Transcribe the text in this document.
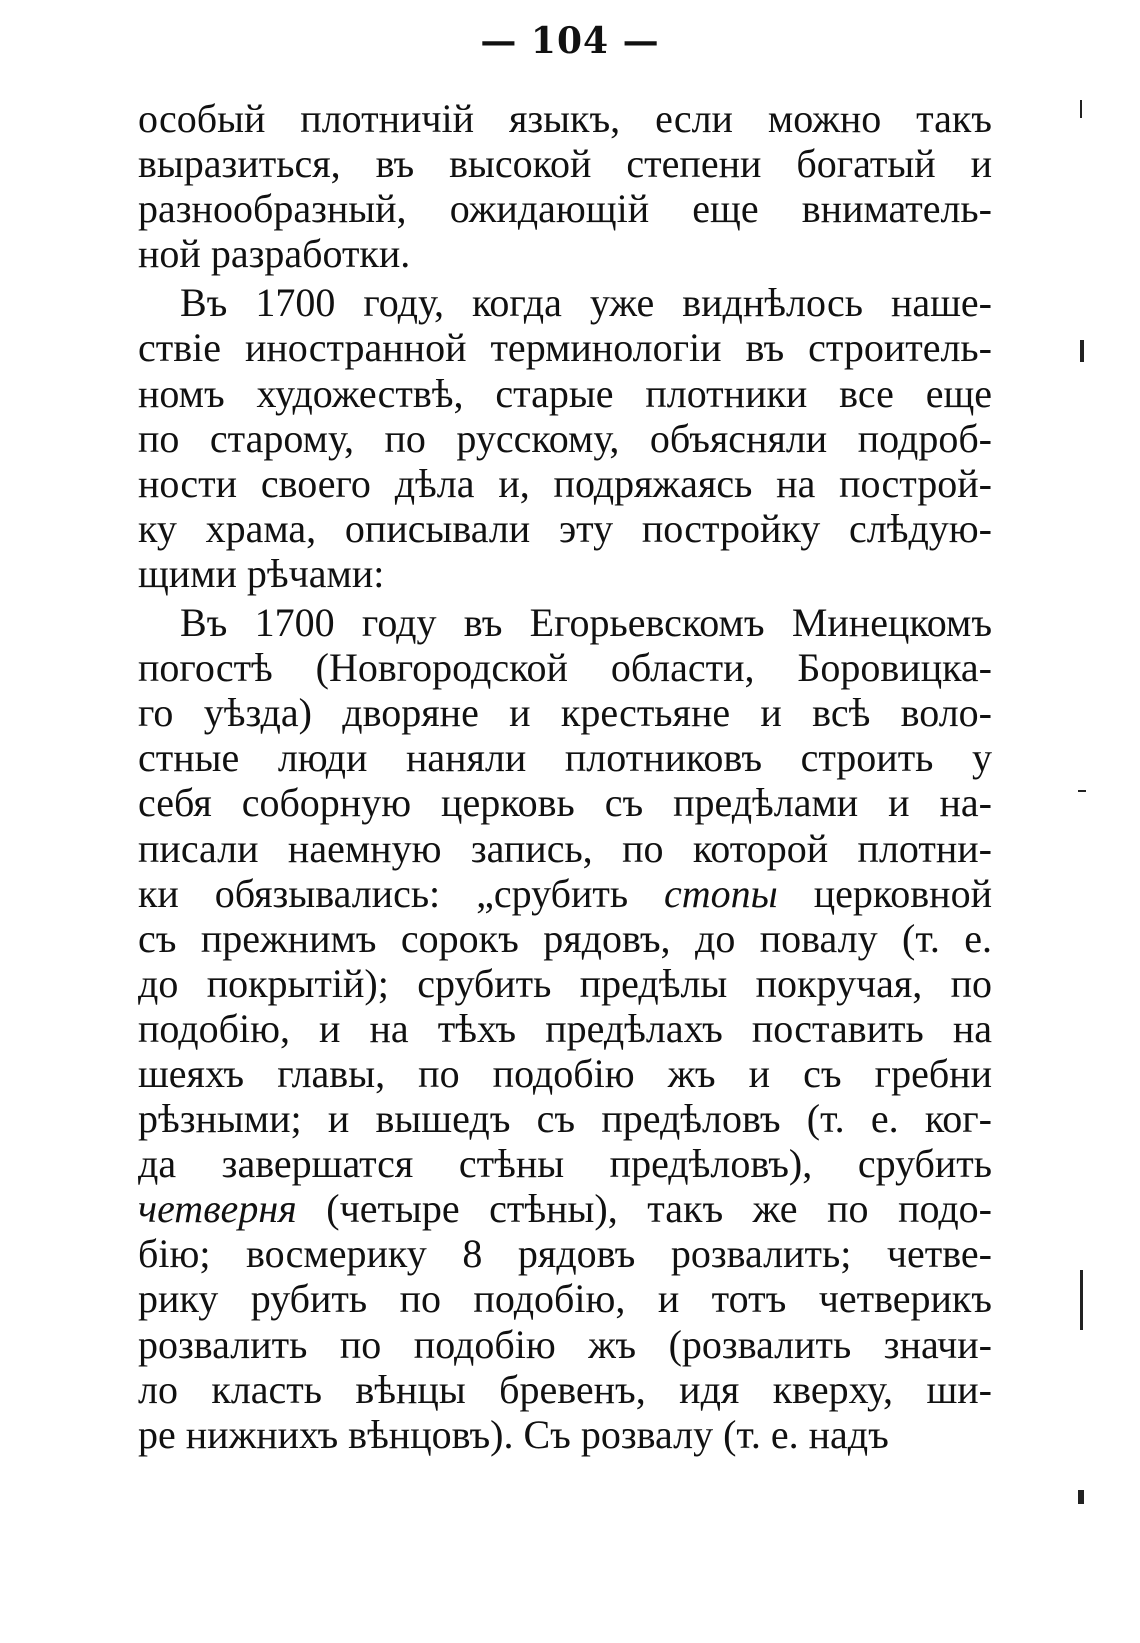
— 104 —
особый плотничій языкъ, если можно такъ
выразиться, въ высокой степени богатый и
разнообразный, ожидающій еще вниматель-
ной разработки.
Въ 1700 году, когда уже виднѣлось наше-
ствіе иностранной терминологіи въ строитель-
номъ художествѣ, старые плотники все еще
по старому, по русскому, объясняли подроб-
ности своего дѣла и, подряжаясь на построй-
ку храма, описывали эту постройку слѣдую-
щими рѣчами:
Въ 1700 году въ Егорьевскомъ Минецкомъ
погостѣ (Новгородской области, Боровицка-
го уѣзда) дворяне и крестьяне и всѣ воло-
стные люди наняли плотниковъ строить у
себя соборную церковь съ предѣлами и на-
писали наемную запись, по которой плотни-
ки обязывались: „срубить стопы церковной
съ прежнимъ сорокъ рядовъ, до повалу (т. е.
до покрытій); срубить предѣлы покручая, по
подобію, и на тѣхъ предѣлахъ поставить на
шеяхъ главы, по подобію жъ и съ гребни
рѣзными; и вышедъ съ предѣловъ (т. е. ког-
да завершатся стѣны предѣловъ), срубить
четверня (четыре стѣны), такъ же по подо-
бію; восмерику 8 рядовъ розвалить; четве-
рику рубить по подобію, и тотъ четверикъ
розвалить по подобію жъ (розвалить значи-
ло класть вѣнцы бревенъ, идя кверху, ши-
ре нижнихъ вѣнцовъ). Съ розвалу (т. е. надъ
